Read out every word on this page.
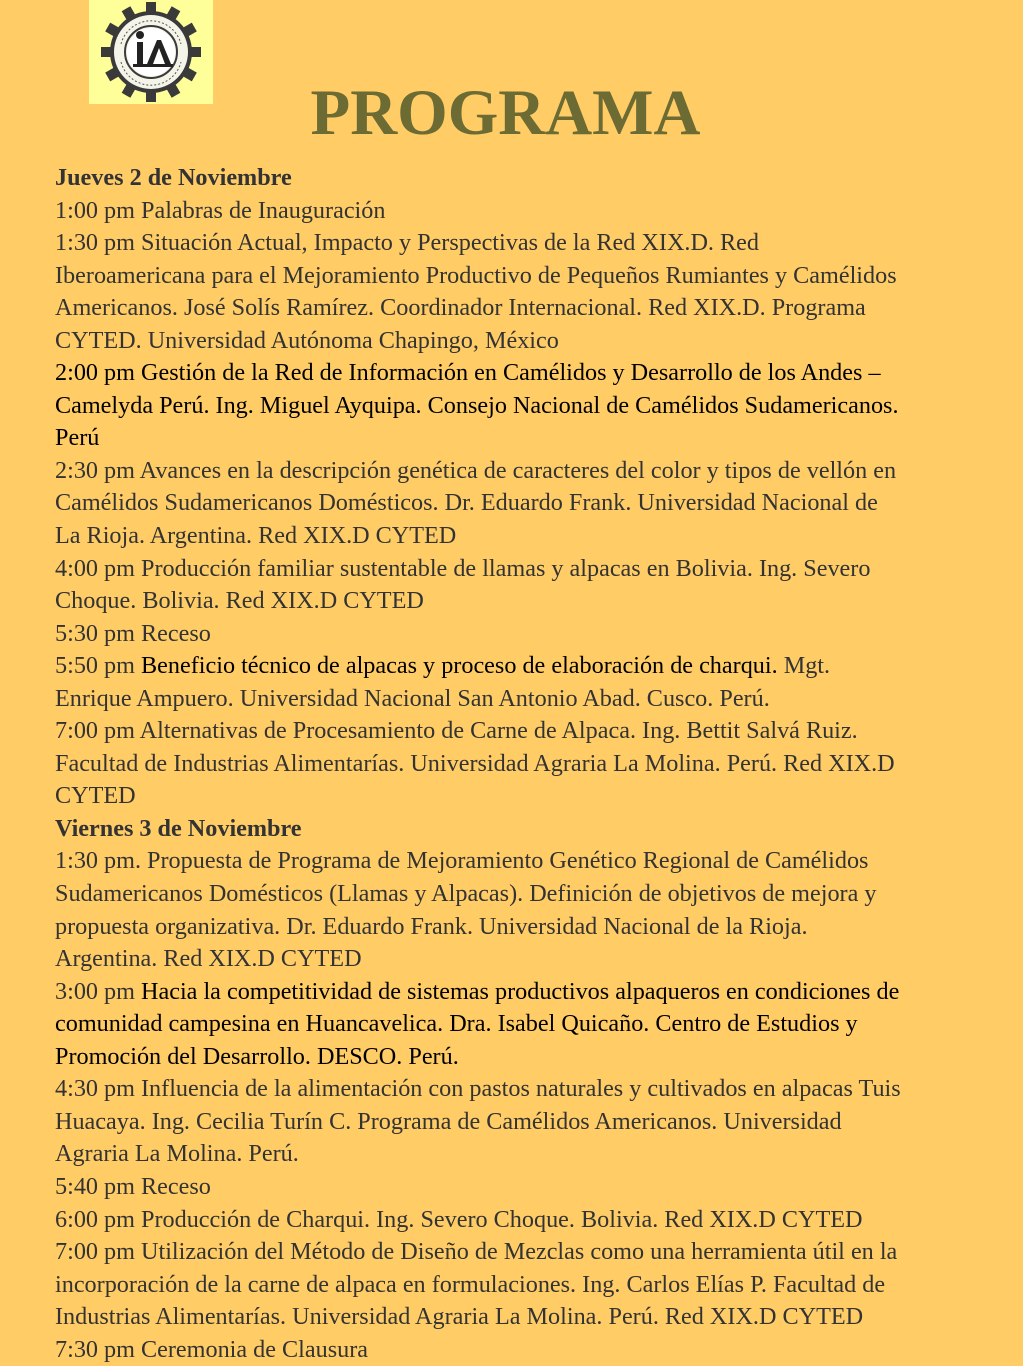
PROGRAMA
Jueves 2 de Noviembre
1:00 pm Palabras de Inauguración
1:30 pm Situación Actual, Impacto y Perspectivas de la Red XIX.D. Red
Iberoamericana para el Mejoramiento Productivo de Pequeños Rumiantes y Camélidos
Americanos. José Solís Ramírez. Coordinador Internacional. Red XIX.D. Programa
CYTED. Universidad Autónoma Chapingo, México
2:00 pm Gestión de la Red de Información en Camélidos y Desarrollo de los Andes –
Camelyda Perú. Ing. Miguel Ayquipa. Consejo Nacional de Camélidos Sudamericanos.
Perú
2:30 pm Avances en la descripción genética de caracteres del color y tipos de vellón en
Camélidos Sudamericanos Domésticos. Dr. Eduardo Frank. Universidad Nacional de
La Rioja. Argentina. Red XIX.D CYTED
4:00 pm Producción familiar sustentable de llamas y alpacas en Bolivia. Ing. Severo
Choque. Bolivia. Red XIX.D CYTED
5:30 pm Receso
5:50 pm Beneficio técnico de alpacas y proceso de elaboración de charqui. Mgt.
Enrique Ampuero. Universidad Nacional San Antonio Abad. Cusco. Perú.
7:00 pm Alternativas de Procesamiento de Carne de Alpaca. Ing. Bettit Salvá Ruiz.
Facultad de Industrias Alimentarías. Universidad Agraria La Molina. Perú. Red XIX.D
CYTED
Viernes 3 de Noviembre
1:30 pm. Propuesta de Programa de Mejoramiento Genético Regional de Camélidos
Sudamericanos Domésticos (Llamas y Alpacas). Definición de objetivos de mejora y
propuesta organizativa. Dr. Eduardo Frank. Universidad Nacional de la Rioja.
Argentina. Red XIX.D CYTED
3:00 pm Hacia la competitividad de sistemas productivos alpaqueros en condiciones de
comunidad campesina en Huancavelica. Dra. Isabel Quicaño. Centro de Estudios y
Promoción del Desarrollo. DESCO. Perú.
4:30 pm Influencia de la alimentación con pastos naturales y cultivados en alpacas Tuis
Huacaya. Ing. Cecilia Turín C. Programa de Camélidos Americanos. Universidad
Agraria La Molina. Perú.
5:40 pm Receso
6:00 pm Producción de Charqui. Ing. Severo Choque. Bolivia. Red XIX.D CYTED
7:00 pm Utilización del Método de Diseño de Mezclas como una herramienta útil en la
incorporación de la carne de alpaca en formulaciones. Ing. Carlos Elías P. Facultad de
Industrias Alimentarías. Universidad Agraria La Molina. Perú. Red XIX.D CYTED
7:30 pm Ceremonia de Clausura
